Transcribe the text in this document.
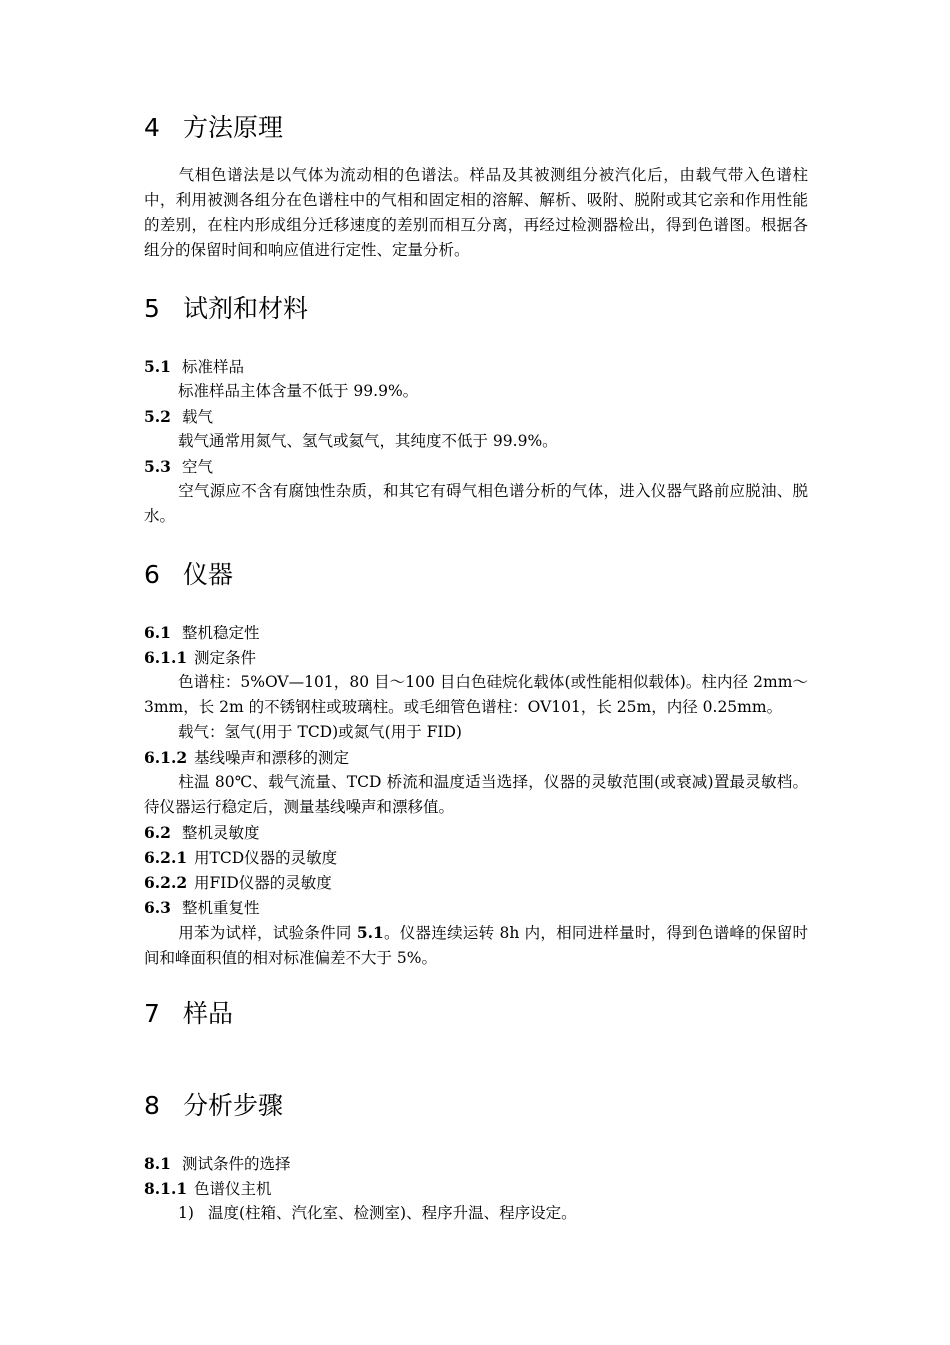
4 方法原理
气相色谱法是以气体为流动相的色谱法。样品及其被测组分被汽化后，由载气带入色谱柱中，利用被测各组分在色谱柱中的气相和固定相的溶解、解析、吸附、脱附或其它亲和作用性能的差别，在柱内形成组分迁移速度的差别而相互分离，再经过检测器检出，得到色谱图。根据各组分的保留时间和响应值进行定性、定量分析。
5 试剂和材料
5.1 标准样品
标准样品主体含量不低于 99.9%。
5.2 载气
载气通常用氮气、氢气或氦气，其纯度不低于 99.9%。
5.3 空气
空气源应不含有腐蚀性杂质，和其它有碍气相色谱分析的气体，进入仪器气路前应脱油、脱水。
6 仪器
6.1 整机稳定性
6.1.1 测定条件
色谱柱：5%OV—101，80 目～100 目白色硅烷化载体(或性能相似载体)。柱内径 2mm～3mm，长 2m 的不锈钢柱或玻璃柱。或毛细管色谱柱：OV101，长 25m，内径 0.25mm。
载气：氢气(用于 TCD)或氮气(用于 FID)
6.1.2 基线噪声和漂移的测定
柱温 80℃、载气流量、TCD 桥流和温度适当选择，仪器的灵敏范围(或衰减)置最灵敏档。待仪器运行稳定后，测量基线噪声和漂移值。
6.2 整机灵敏度
6.2.1 用TCD仪器的灵敏度
6.2.2 用FID仪器的灵敏度
6.3 整机重复性
用苯为试样，试验条件同 5.1。仪器连续运转 8h 内，相同进样量时，得到色谱峰的保留时间和峰面积值的相对标准偏差不大于 5%。
7 样品
8 分析步骤
8.1 测试条件的选择
8.1.1 色谱仪主机
1) 温度(柱箱、汽化室、检测室)、程序升温、程序设定。
